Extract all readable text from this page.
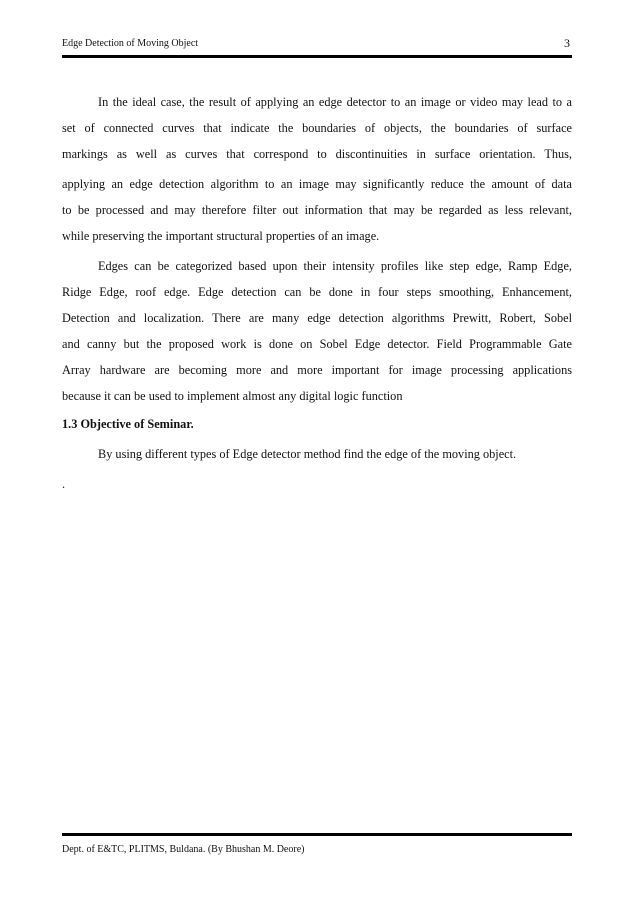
Edge Detection of Moving Object	3
In the ideal case, the result of applying an edge detector to an image or video may lead to a
set of connected curves that indicate the boundaries of objects, the boundaries of surface
markings as well as curves that correspond to discontinuities in surface orientation. Thus,
applying an edge detection algorithm to an image may significantly reduce the amount of data
to be processed and may therefore filter out information that may be regarded as less relevant,
while preserving the important structural properties of an image.
Edges can be categorized based upon their intensity profiles like step edge, Ramp Edge,
Ridge Edge, roof edge. Edge detection can be done in four steps smoothing, Enhancement,
Detection and localization. There are many edge detection algorithms Prewitt, Robert, Sobel
and canny but the proposed work is done on Sobel Edge detector. Field Programmable Gate
Array hardware are becoming more and more important for image processing applications
because it can be used to implement almost any digital logic function
1.3 Objective of Seminar.
By using different types of Edge detector method find the edge of the moving object.
.
Dept. of E&TC, PLITMS, Buldana. (By Bhushan M. Deore)
